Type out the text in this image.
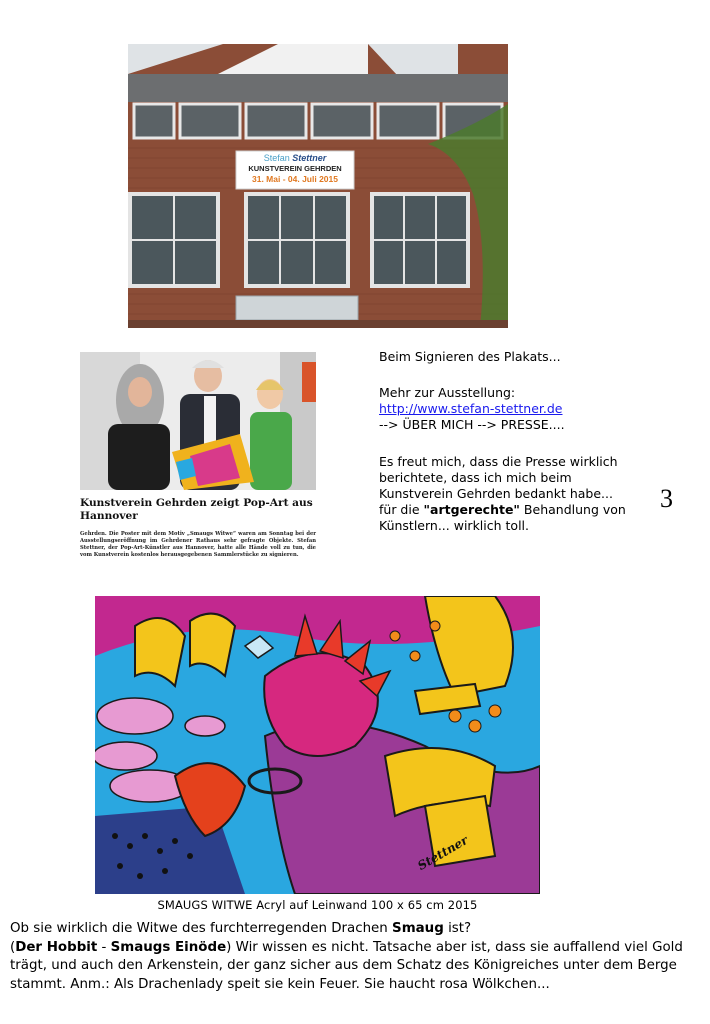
Stefan Stettner
KUNSTVEREIN GEHRDEN
31. Mai - 04. Juli 2015
Kunstverein Gehrden zeigt Pop-Art aus Hannover
Gehrden. Die Poster mit dem Motiv „Smaugs Witwe“ waren am Sonntag bei der Ausstellungseröffnung im Gehrdener Rathaus sehr gefragte Objekte. Stefan Stettner, der Pop-Art-Künstler aus Hannover, hatte alle Hände voll zu tun, die vom Kunstverein kostenlos herausgegebenen Sammlerstücke zu signieren.
Beim Signieren des Plakats...
Mehr zur Ausstellung:
http://www.stefan-stettner.de
--> ÜBER MICH --> PRESSE....
Es freut mich, dass die Presse wirklich berichtete, dass ich mich beim Kunstverein Gehrden bedankt habe...
für die "artgerechte" Behandlung von Künstlern... wirklich toll.
3
Stettner
SMAUGS WITWE Acryl auf Leinwand 100 x 65 cm 2015
Ob sie wirklich die Witwe des furchterregenden Drachen Smaug ist?
(Der Hobbit - Smaugs Einöde) Wir wissen es nicht. Tatsache aber ist, dass sie auffallend viel Gold trägt, und auch den Arkenstein, der ganz sicher aus dem Schatz des Königreiches unter dem Berge stammt. Anm.: Als Drachenlady speit sie kein Feuer. Sie haucht rosa Wölkchen...
